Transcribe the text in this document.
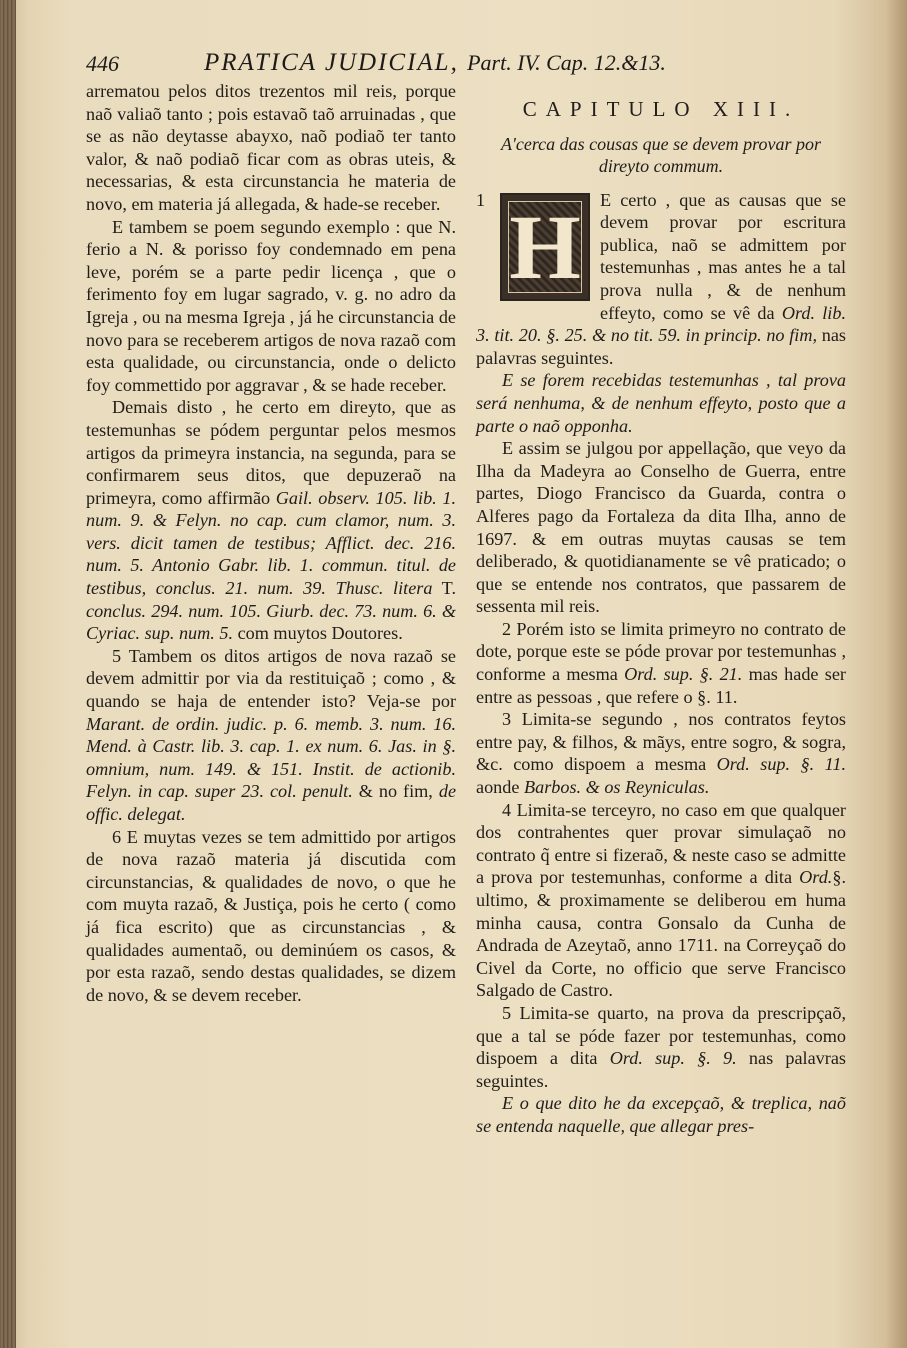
446	PRATICA JUDICIAL, Part. IV. Cap. 12.&13.

arrematou pelos ditos trezentos mil reis, porque naõ valiaõ tanto ; pois estavaõ taõ arruinadas , que se as não deytasse abayxo, naõ podiaõ ter tanto valor, & naõ podiaõ ficar com as obras uteis, & necessarias, & esta circunstancia he materia de novo, em materia já allegada, & hade-se receber.

E tambem se poem segundo exemplo : que N. ferio a N. & porisso foy condemnado em pena leve, porém se a parte pedir licença , que o ferimento foy em lugar sagrado, v. g. no adro da Igreja , ou na mesma Igreja , já he circunstancia de novo para se receberem artigos de nova razaõ com esta qualidade, ou circunstancia, onde o delicto foy commettido por aggravar , & se hade receber.

Demais disto , he certo em direyto, que as testemunhas se pódem perguntar pelos mesmos artigos da primeyra instancia, na segunda, para se confirmarem seus ditos, que depuzeraõ na primeyra, como affirmão Gail. observ. 105. lib. 1. num. 9. & Felyn. no cap. cum clamor, num. 3. vers. dicit tamen de testibus; Afflict. dec. 216. num. 5. Antonio Gabr. lib. 1. commun. titul. de testibus, conclus. 21. num. 39. Thusc. litera T. conclus. 294. num. 105. Giurb. dec. 73. num. 6. & Cyriac. sup. num. 5. com muytos Doutores.

5 Tambem os ditos artigos de nova razaõ se devem admittir por via da restituiçaõ ; como , & quando se haja de entender isto? Veja-se por Marant. de ordin. judic. p. 6. memb. 3. num. 16. Mend. à Castr. lib. 3. cap. 1. ex num. 6. Jas. in §. omnium, num. 149. & 151. Instit. de actionib. Felyn. in cap. super 23. col. penult. & no fim, de offic. delegat.

6 E muytas vezes se tem admittido por artigos de nova razaõ materia já discutida com circunstancias, & qualidades de novo, o que he com muyta razaõ, & Justiça, pois he certo ( como já fica escrito) que as circunstancias , & qualidades aumentaõ, ou deminúem os casos, & por esta razaõ, sendo destas qualidades, se dizem de novo, & se devem receber.

CAPITULO XIII.

A'cerca das cousas que se devem provar por direyto commum.

1 H	E certo , que as causas que se devem provar por escritura publica, naõ se admittem por testemunhas , mas antes he a tal prova nulla , & de nenhum effeyto, como se vê da Ord. lib. 3. tit. 20. §. 25. & no tit. 59. in princip. no fim, nas palavras seguintes.

E se forem recebidas testemunhas , tal prova será nenhuma, & de nenhum effeyto, posto que a parte o naõ opponha.

E assim se julgou por appellação, que veyo da Ilha da Madeyra ao Conselho de Guerra, entre partes, Diogo Francisco da Guarda, contra o Alferes pago da Fortaleza da dita Ilha, anno de 1697. & em outras muytas causas se tem deliberado, & quotidianamente se vê praticado; o que se entende nos contratos, que passarem de sessenta mil reis.

2 Porém isto se limita primeyro no contrato de dote, porque este se póde provar por testemunhas , conforme a mesma Ord. sup. §. 21. mas hade ser entre as pessoas , que refere o §. 11.

3 Limita-se segundo , nos contratos feytos entre pay, & filhos, & mãys, entre sogro, & sogra, &c. como dispoem a mesma Ord. sup. §. 11. aonde Barbos. & os Reyniculas.

4 Limita-se terceyro, no caso em que qualquer dos contrahentes quer provar simulaçaõ no contrato q̃ entre si fizeraõ, & neste caso se admitte a prova por testemunhas, conforme a dita Ord.§. ultimo, & proximamente se deliberou em huma minha causa, contra Gonsalo da Cunha de Andrada de Azeytaõ, anno 1711. na Correyçaõ do Civel da Corte, no officio que serve Francisco Salgado de Castro.

5 Limita-se quarto, na prova da prescripçaõ, que a tal se póde fazer por testemunhas, como dispoem a dita Ord. sup. §. 9. nas palavras seguintes.

E o que dito he da excepçaõ, & treplica, naõ se entenda naquelle, que allegar pres-
